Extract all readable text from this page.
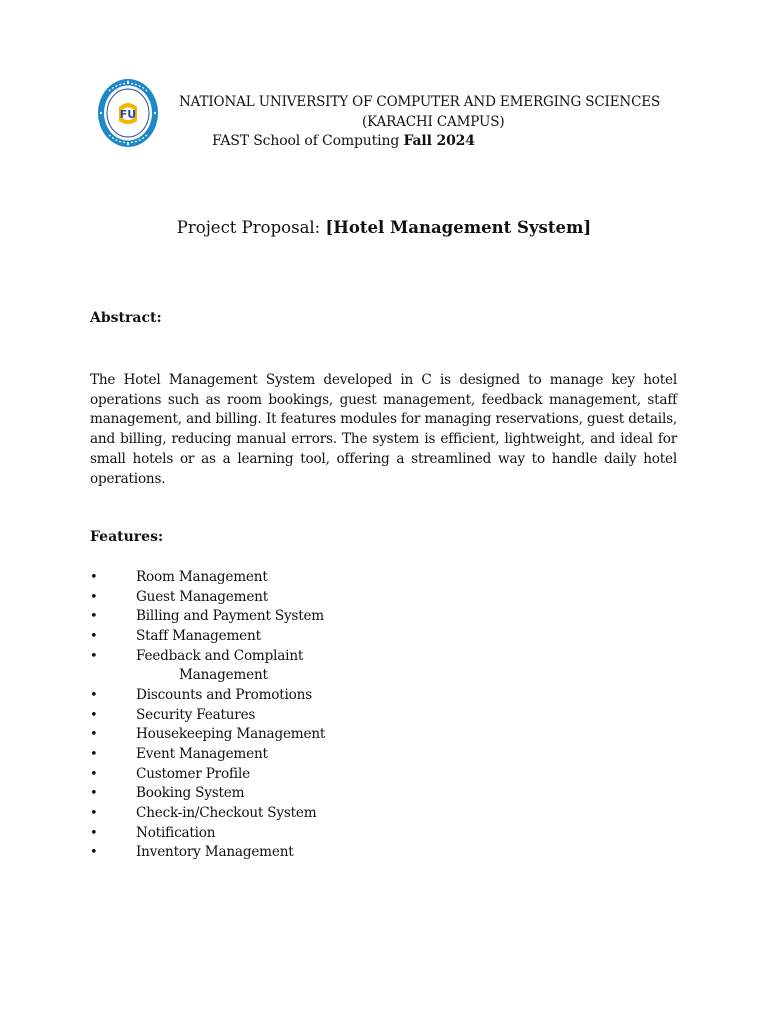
FU
NATIONAL UNIVERSITY OF COMPUTER AND EMERGING SCIENCES
(KARACHI CAMPUS)
FAST School of Computing Fall 2024
Project Proposal: [Hotel Management System]
Abstract:
The Hotel Management System developed in C is designed to manage key hotel operations such as room bookings, guest management, feedback management, staff management, and billing. It features modules for managing reservations, guest details, and billing, reducing manual errors. The system is efficient, lightweight, and ideal for small hotels or as a learning tool, offering a streamlined way to handle daily hotel operations.
Features:
•	Room Management
•	Guest Management
•	Billing and Payment System
•	Staff Management
•	Feedback and Complaint
Management
•	Discounts and Promotions
•	Security Features
•	Housekeeping Management
•	Event Management
•	Customer Profile
•	Booking System
•	Check-in/Checkout System
•	Notification
•	Inventory Management
